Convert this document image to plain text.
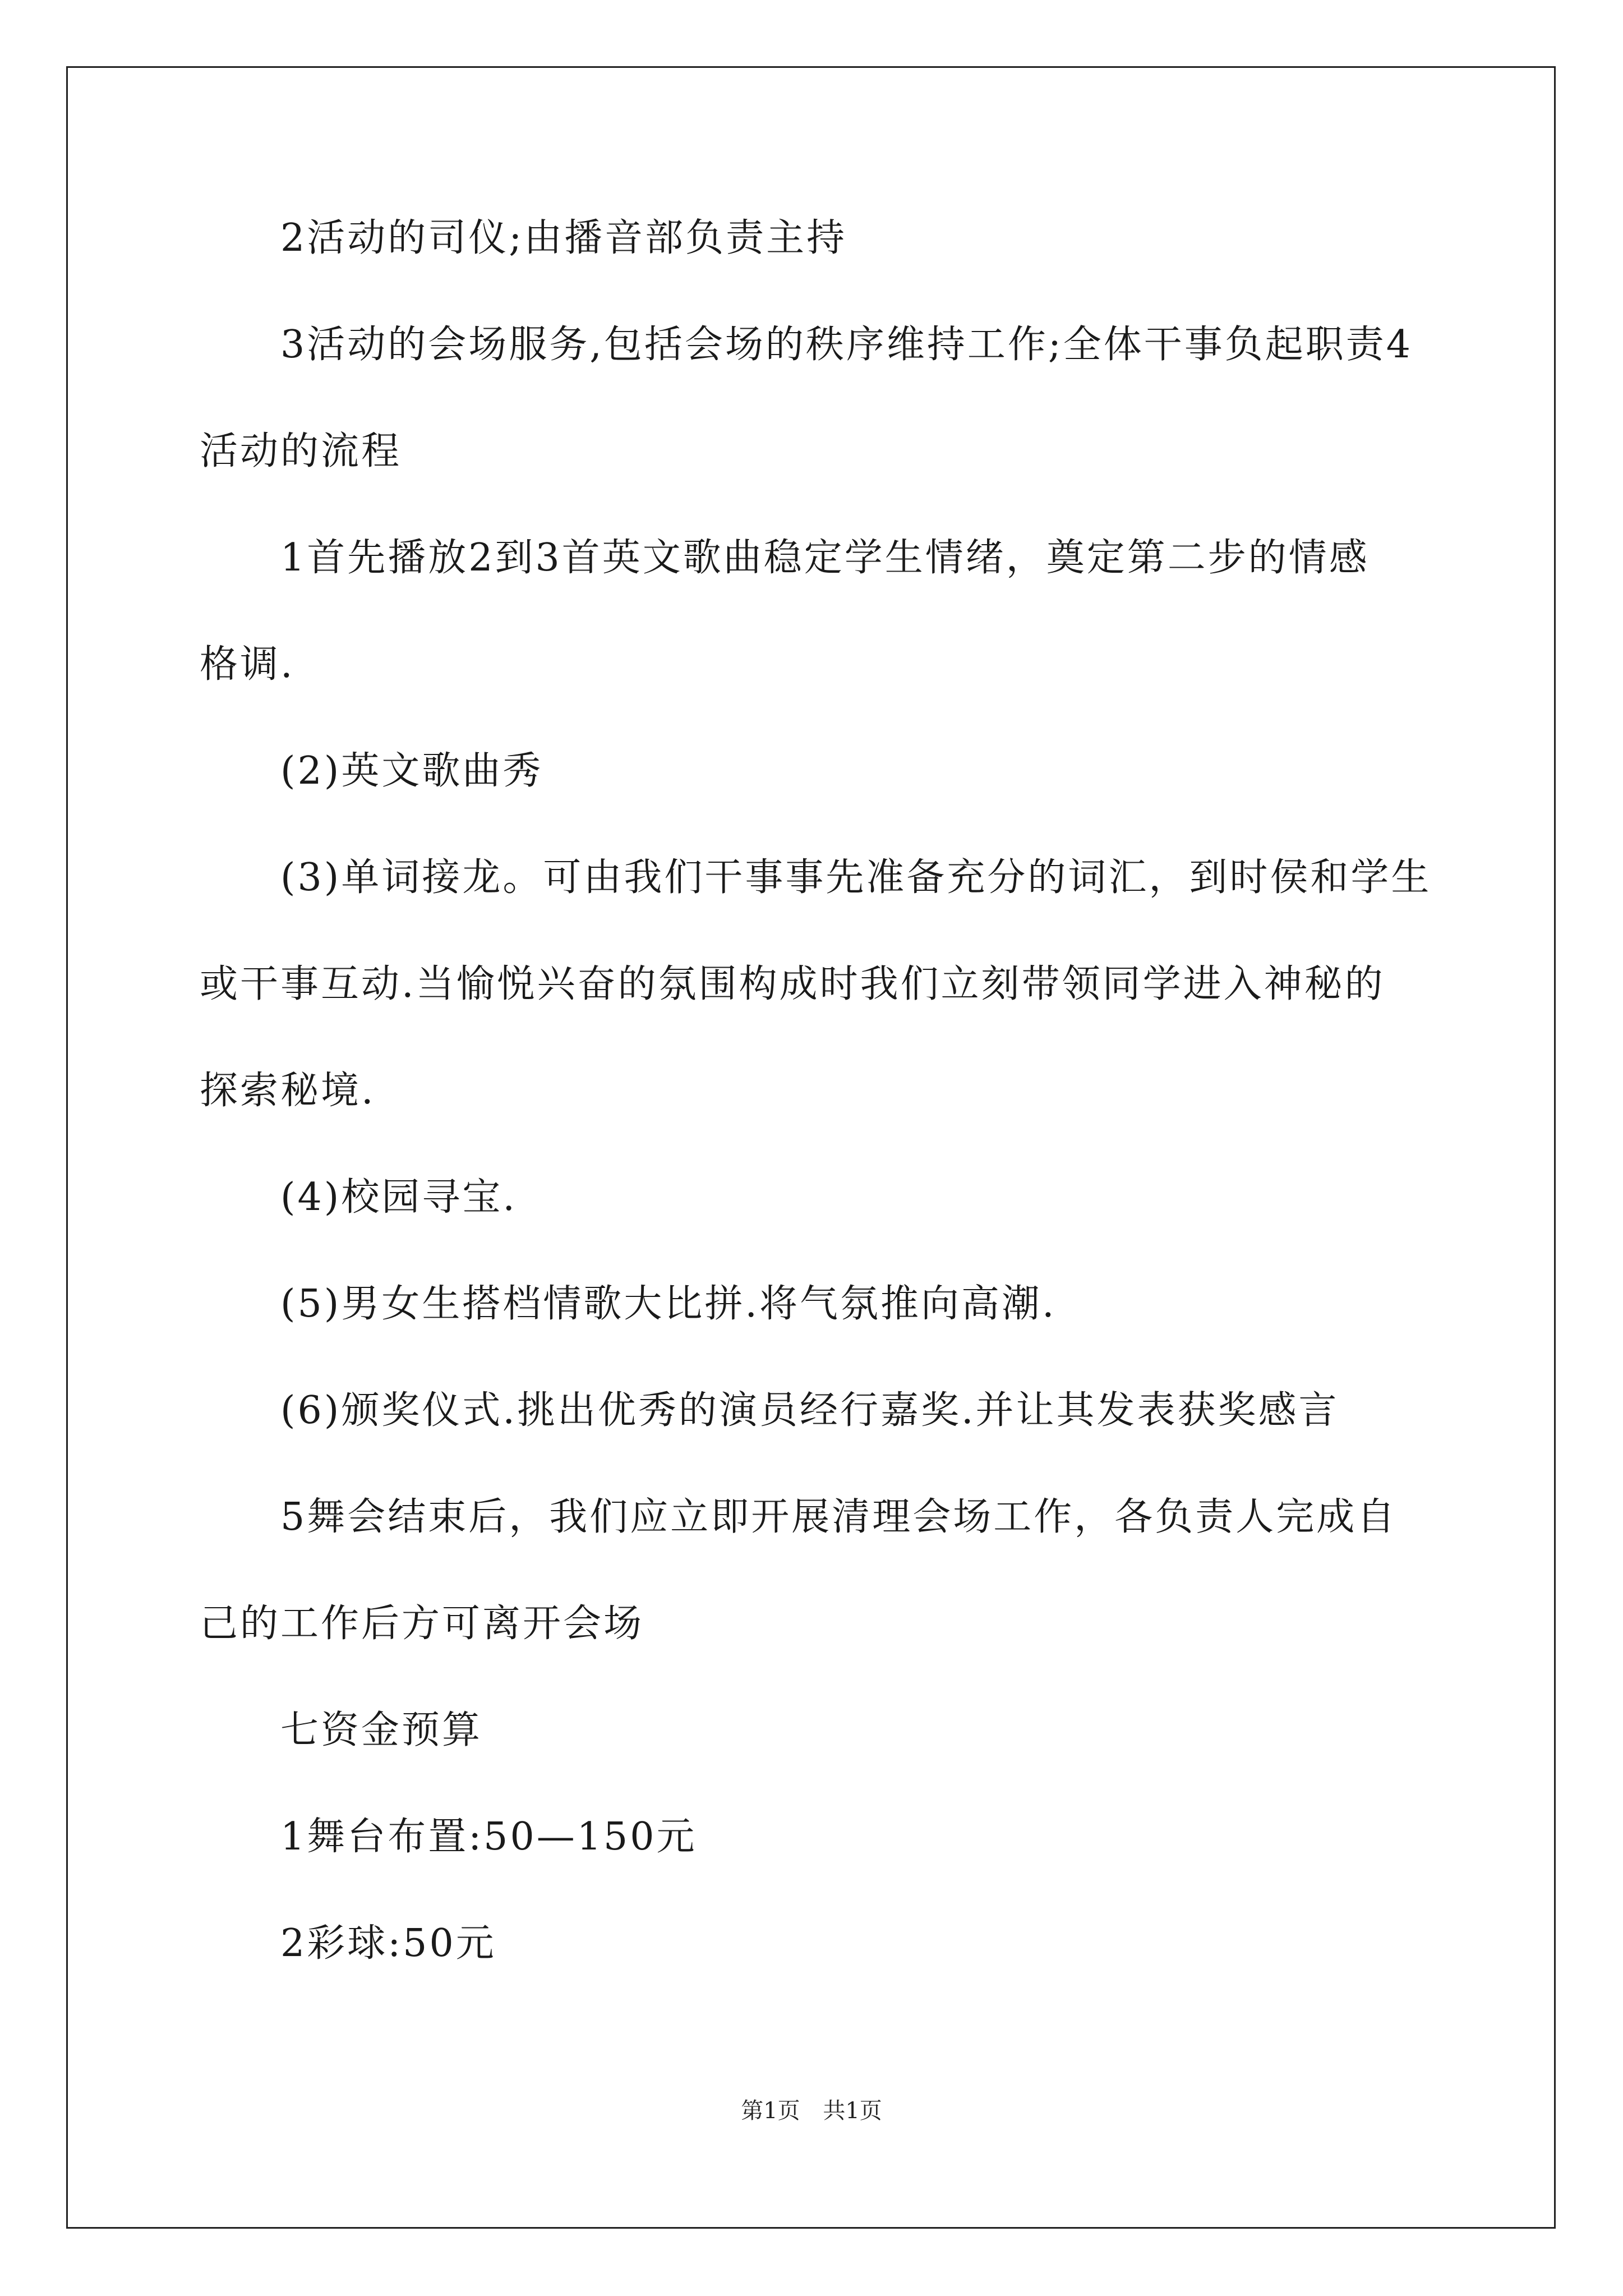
2活动的司仪;由播音部负责主持
3活动的会场服务,包括会场的秩序维持工作;全体干事负起职责4
活动的流程
1首先播放2到3首英文歌曲稳定学生情绪，奠定第二步的情感
格调.
(2)英文歌曲秀
(3)单词接龙。可由我们干事事先准备充分的词汇，到时侯和学生
或干事互动.当愉悦兴奋的氛围构成时我们立刻带领同学进入神秘的
探索秘境.
(4)校园寻宝.
(5)男女生搭档情歌大比拼.将气氛推向高潮.
(6)颁奖仪式.挑出优秀的演员经行嘉奖.并让其发表获奖感言
5舞会结束后，我们应立即开展清理会场工作，各负责人完成自
己的工作后方可离开会场
七资金预算
1舞台布置:50—150元
2彩球:50元
第1页 共1页
